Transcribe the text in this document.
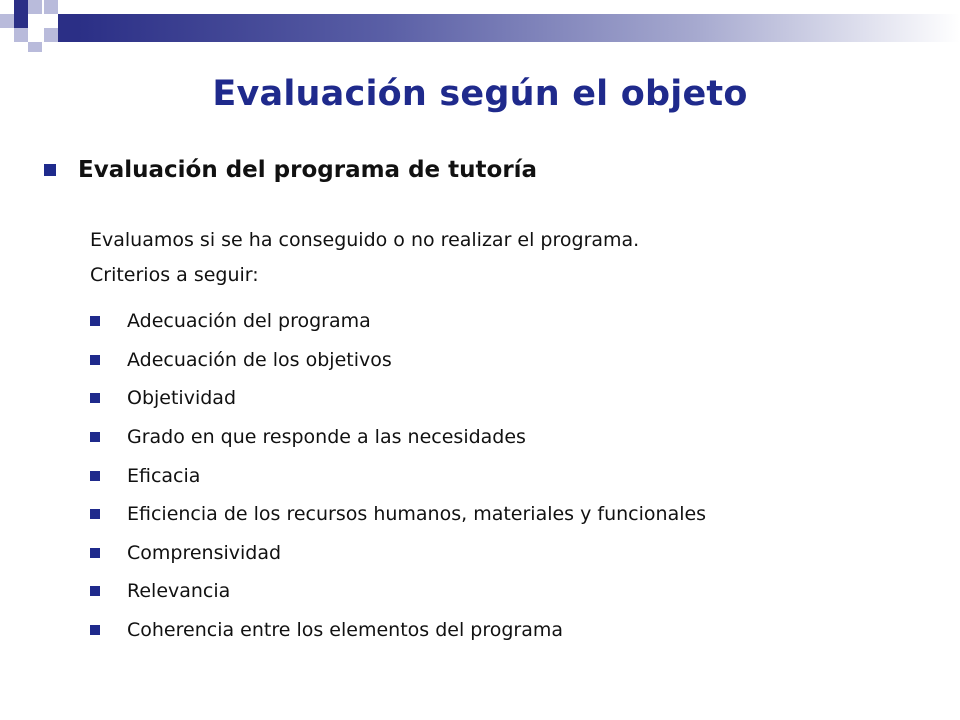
Evaluación según el objeto
Evaluación del programa de tutoría
Evaluamos si se ha conseguido o no realizar el programa.
Criterios a seguir:
Adecuación del programa
Adecuación de los objetivos
Objetividad
Grado en que responde a las necesidades
Eficacia
Eficiencia de los recursos humanos, materiales y funcionales
Comprensividad
Relevancia
Coherencia entre los elementos del programa
